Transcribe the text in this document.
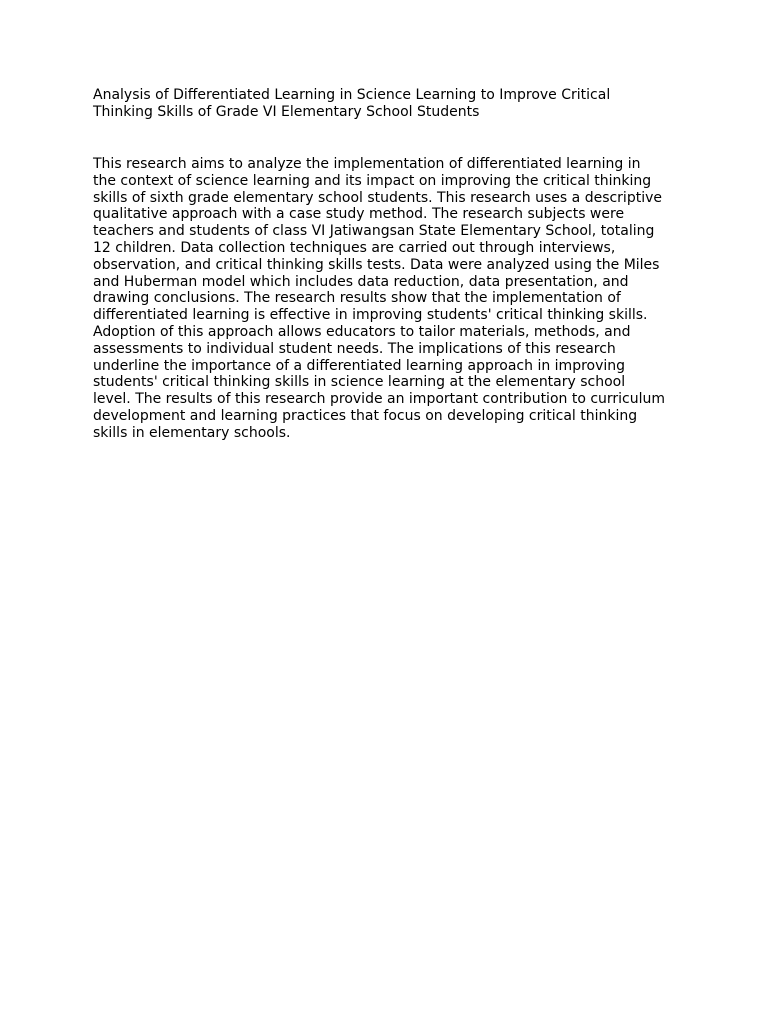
Analysis of Differentiated Learning in Science Learning to Improve Critical
Thinking Skills of Grade VI Elementary School Students

This research aims to analyze the implementation of differentiated learning in
the context of science learning and its impact on improving the critical thinking
skills of sixth grade elementary school students. This research uses a descriptive
qualitative approach with a case study method. The research subjects were
teachers and students of class VI Jatiwangsan State Elementary School, totaling
12 children. Data collection techniques are carried out through interviews,
observation, and critical thinking skills tests. Data were analyzed using the Miles
and Huberman model which includes data reduction, data presentation, and
drawing conclusions. The research results show that the implementation of
differentiated learning is effective in improving students' critical thinking skills.
Adoption of this approach allows educators to tailor materials, methods, and
assessments to individual student needs. The implications of this research
underline the importance of a differentiated learning approach in improving
students' critical thinking skills in science learning at the elementary school
level. The results of this research provide an important contribution to curriculum
development and learning practices that focus on developing critical thinking
skills in elementary schools.
